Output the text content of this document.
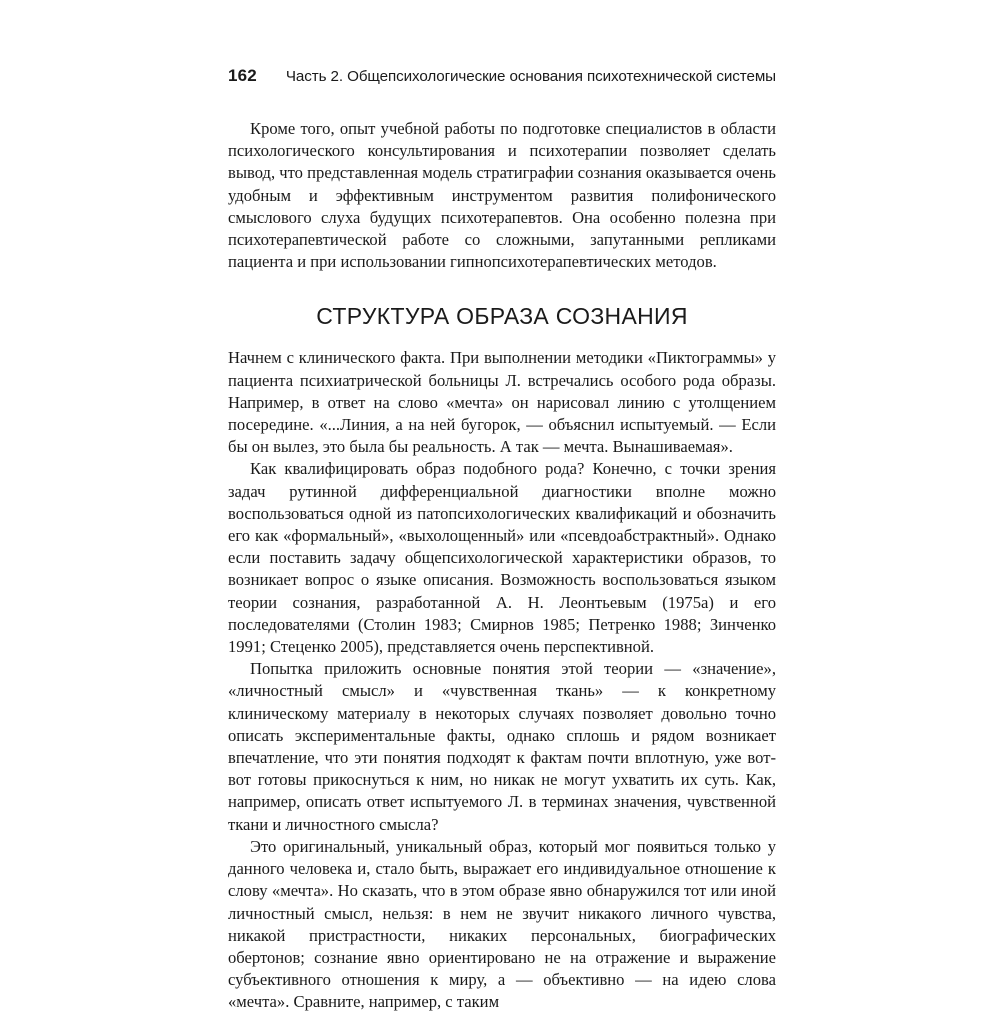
162	Часть 2. Общепсихологические основания психотехнической системы

Кроме того, опыт учебной работы по подготовке специалистов в области психологического консультирования и психотерапии позволяет сделать вывод, что представленная модель стратиграфии сознания оказывается очень удобным и эффективным инструментом развития полифонического смыслового слуха будущих психотерапевтов. Она особенно полезна при психотерапевтической работе со сложными, запутанными репликами пациента и при использовании гипнопсихотерапевтических методов.

СТРУКТУРА ОБРАЗА СОЗНАНИЯ

Начнем с клинического факта. При выполнении методики «Пиктограммы» у пациента психиатрической больницы Л. встречались особого рода образы. Например, в ответ на слово «мечта» он нарисовал линию с утолщением посередине. «...Линия, а на ней бугорок, — объяснил испытуемый. — Если бы он вылез, это была бы реальность. А так — мечта. Вынашиваемая».

Как квалифицировать образ подобного рода? Конечно, с точки зрения задач рутинной дифференциальной диагностики вполне можно воспользоваться одной из патопсихологических квалификаций и обозначить его как «формальный», «выхолощенный» или «псевдоабстрактный». Однако если поставить задачу общепсихологической характеристики образов, то возникает вопрос о языке описания. Возможность воспользоваться языком теории сознания, разработанной А. Н. Леонтьевым (1975а) и его последователями (Столин 1983; Смирнов 1985; Петренко 1988; Зинченко 1991; Стеценко 2005), представляется очень перспективной.

Попытка приложить основные понятия этой теории — «значение», «личностный смысл» и «чувственная ткань» — к конкретному клиническому материалу в некоторых случаях позволяет довольно точно описать экспериментальные факты, однако сплошь и рядом возникает впечатление, что эти понятия подходят к фактам почти вплотную, уже вот-вот готовы прикоснуться к ним, но никак не могут ухватить их суть. Как, например, описать ответ испытуемого Л. в терминах значения, чувственной ткани и личностного смысла?

Это оригинальный, уникальный образ, который мог появиться только у данного человека и, стало быть, выражает его индивидуальное отношение к слову «мечта». Но сказать, что в этом образе явно обнаружился тот или иной личностный смысл, нельзя: в нем не звучит никакого личного чувства, никакой пристрастности, никаких персональных, биографических обертонов; сознание явно ориентировано не на отражение и выражение субъективного отношения к миру, а — объективно — на идею слова «мечта». Сравните, например, с таким
